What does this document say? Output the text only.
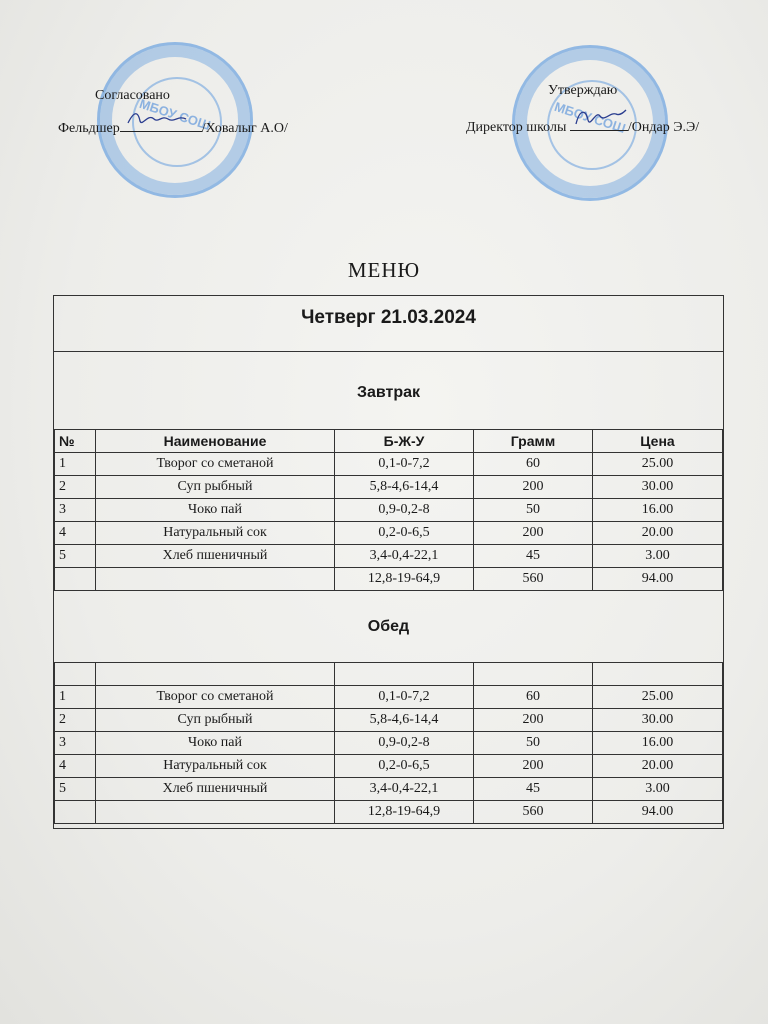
МБОУ СОШ	МБОУ СОШ
Согласовано
Фельдшер	/Ховалыг А.О/
Утверждаю
Директор школы	/Ондар Э.Э/
МЕНЮ
Четверг 21.03.2024
Завтрак
№	Наименование	Б-Ж-У	Грамм	Цена
1	Творог со сметаной	0,1-0-7,2	60	25.00
2	Суп рыбный	5,8-4,6-14,4	200	30.00
3	Чоко пай	0,9-0,2-8	50	16.00
4	Натуральный сок	0,2-0-6,5	200	20.00
5	Хлеб пшеничный	3,4-0,4-22,1	45	3.00
		12,8-19-64,9	560	94.00
Обед

1	Творог со сметаной	0,1-0-7,2	60	25.00
2	Суп рыбный	5,8-4,6-14,4	200	30.00
3	Чоко пай	0,9-0,2-8	50	16.00
4	Натуральный сок	0,2-0-6,5	200	20.00
5	Хлеб пшеничный	3,4-0,4-22,1	45	3.00
		12,8-19-64,9	560	94.00
